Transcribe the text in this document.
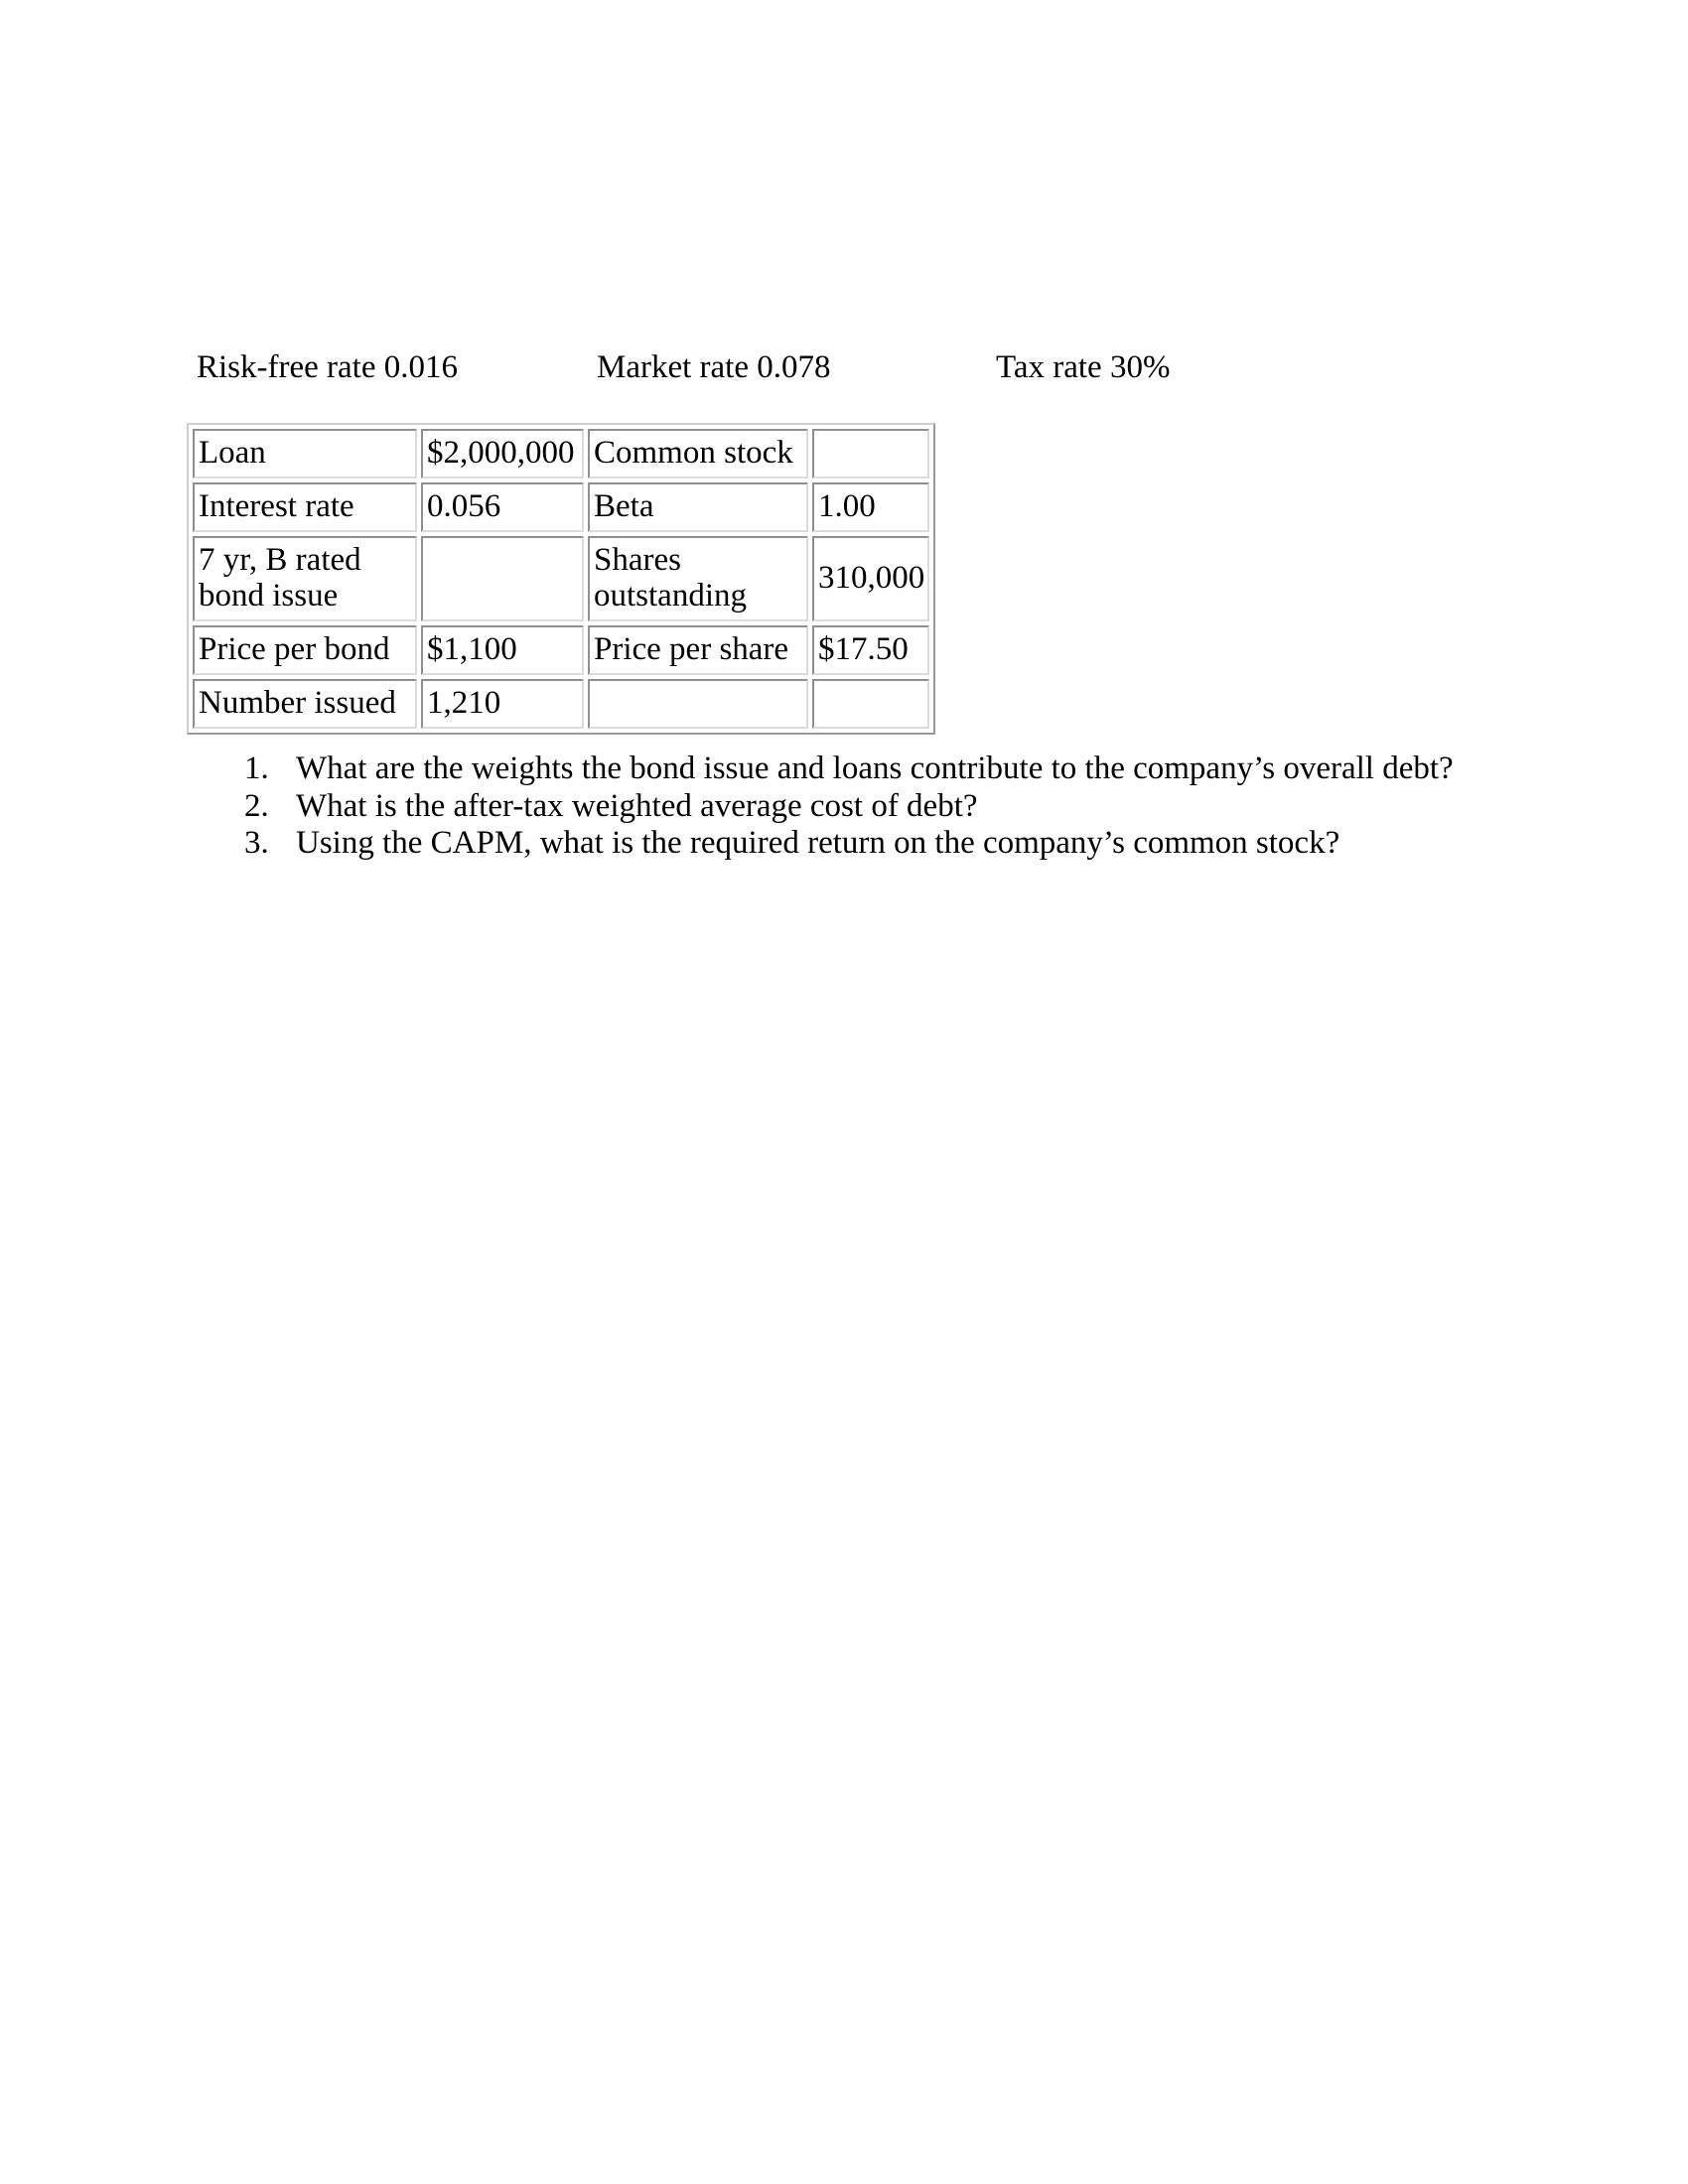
Risk-free rate 0.016	Market rate 0.078	Tax rate 30%
Loan	$2,000,000	Common stock	
Interest rate	0.056	Beta	1.00
7 yr, B rated bond issue		Shares outstanding	310,000
Price per bond	$1,100	Price per share	$17.50
Number issued	1,210		
1. What are the weights the bond issue and loans contribute to the company’s overall debt?
2. What is the after-tax weighted average cost of debt?
3. Using the CAPM, what is the required return on the company’s common stock?
